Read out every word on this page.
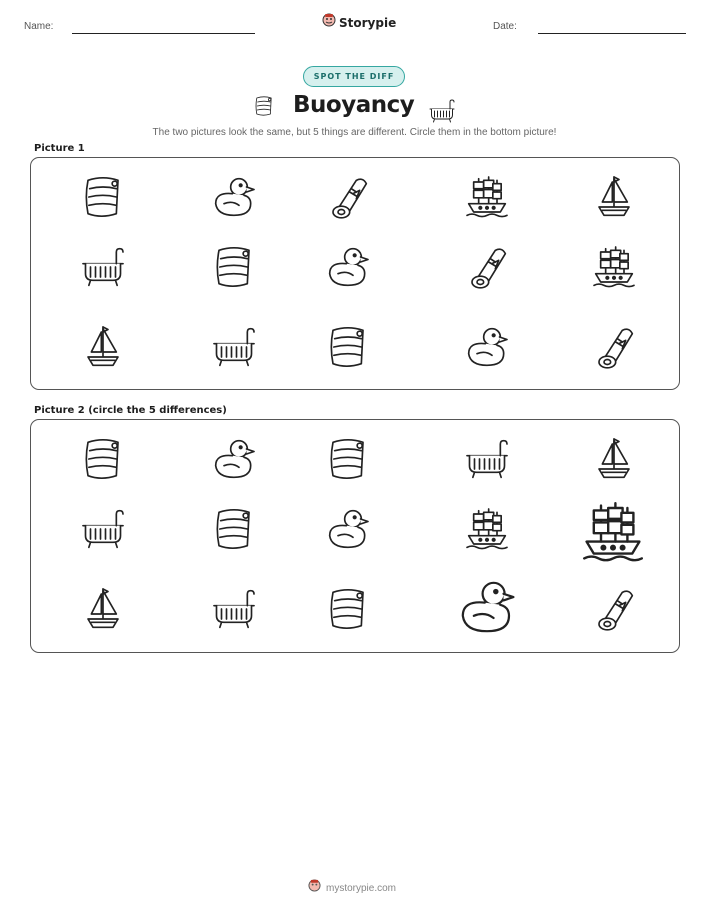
Name:	Storypie	Date:
SPOT THE DIFF
Buoyancy
The two pictures look the same, but 5 things are different. Circle them in the bottom picture!
Picture 1
Picture 2 (circle the 5 differences)
mystorypie.com
